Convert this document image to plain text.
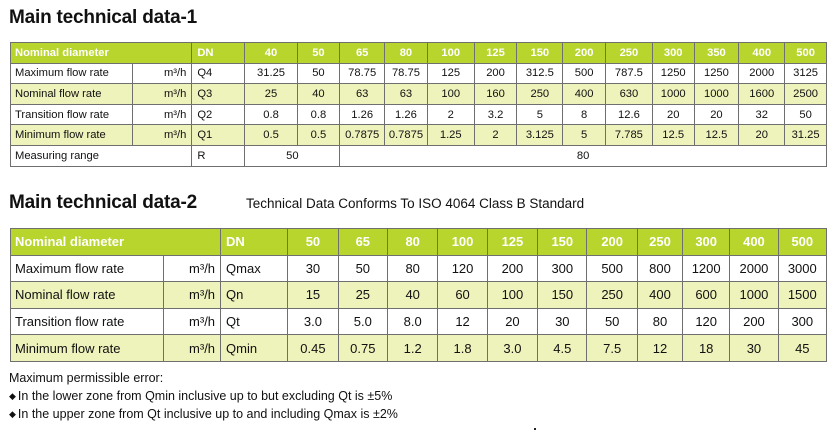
Main technical data-1
Nominal diameter		DN	40	50	65	80	100	125	150	200	250	300	350	400	500
Maximum flow rate	m³/h	Q4	31.25	50	78.75	78.75	125	200	312.5	500	787.5	1250	1250	2000	3125
Nominal flow rate	m³/h	Q3	25	40	63	63	100	160	250	400	630	1000	1000	1600	2500
Transition flow rate	m³/h	Q2	0.8	0.8	1.26	1.26	2	3.2	5	8	12.6	20	20	32	50
Minimum flow rate	m³/h	Q1	0.5	0.5	0.7875	0.7875	1.25	2	3.125	5	7.785	12.5	12.5	20	31.25
Measuring range		R	50		80										
Main technical data-2	Technical Data Conforms To ISO 4064 Class B Standard
Nominal diameter		DN	50	65	80	100	125	150	200	250	300	400	500
Maximum flow rate	m³/h	Qmax	30	50	80	120	200	300	500	800	1200	2000	3000
Nominal flow rate	m³/h	Qn	15	25	40	60	100	150	250	400	600	1000	1500
Transition flow rate	m³/h	Qt	3.0	5.0	8.0	12	20	30	50	80	120	200	300
Minimum flow rate	m³/h	Qmin	0.45	0.75	1.2	1.8	3.0	4.5	7.5	12	18	30	45
Maximum permissible error:
◆ In the lower zone from Qmin inclusive up to but excluding Qt is ±5%
◆ In the upper zone from Qt inclusive up to and including Qmax is ±2%
